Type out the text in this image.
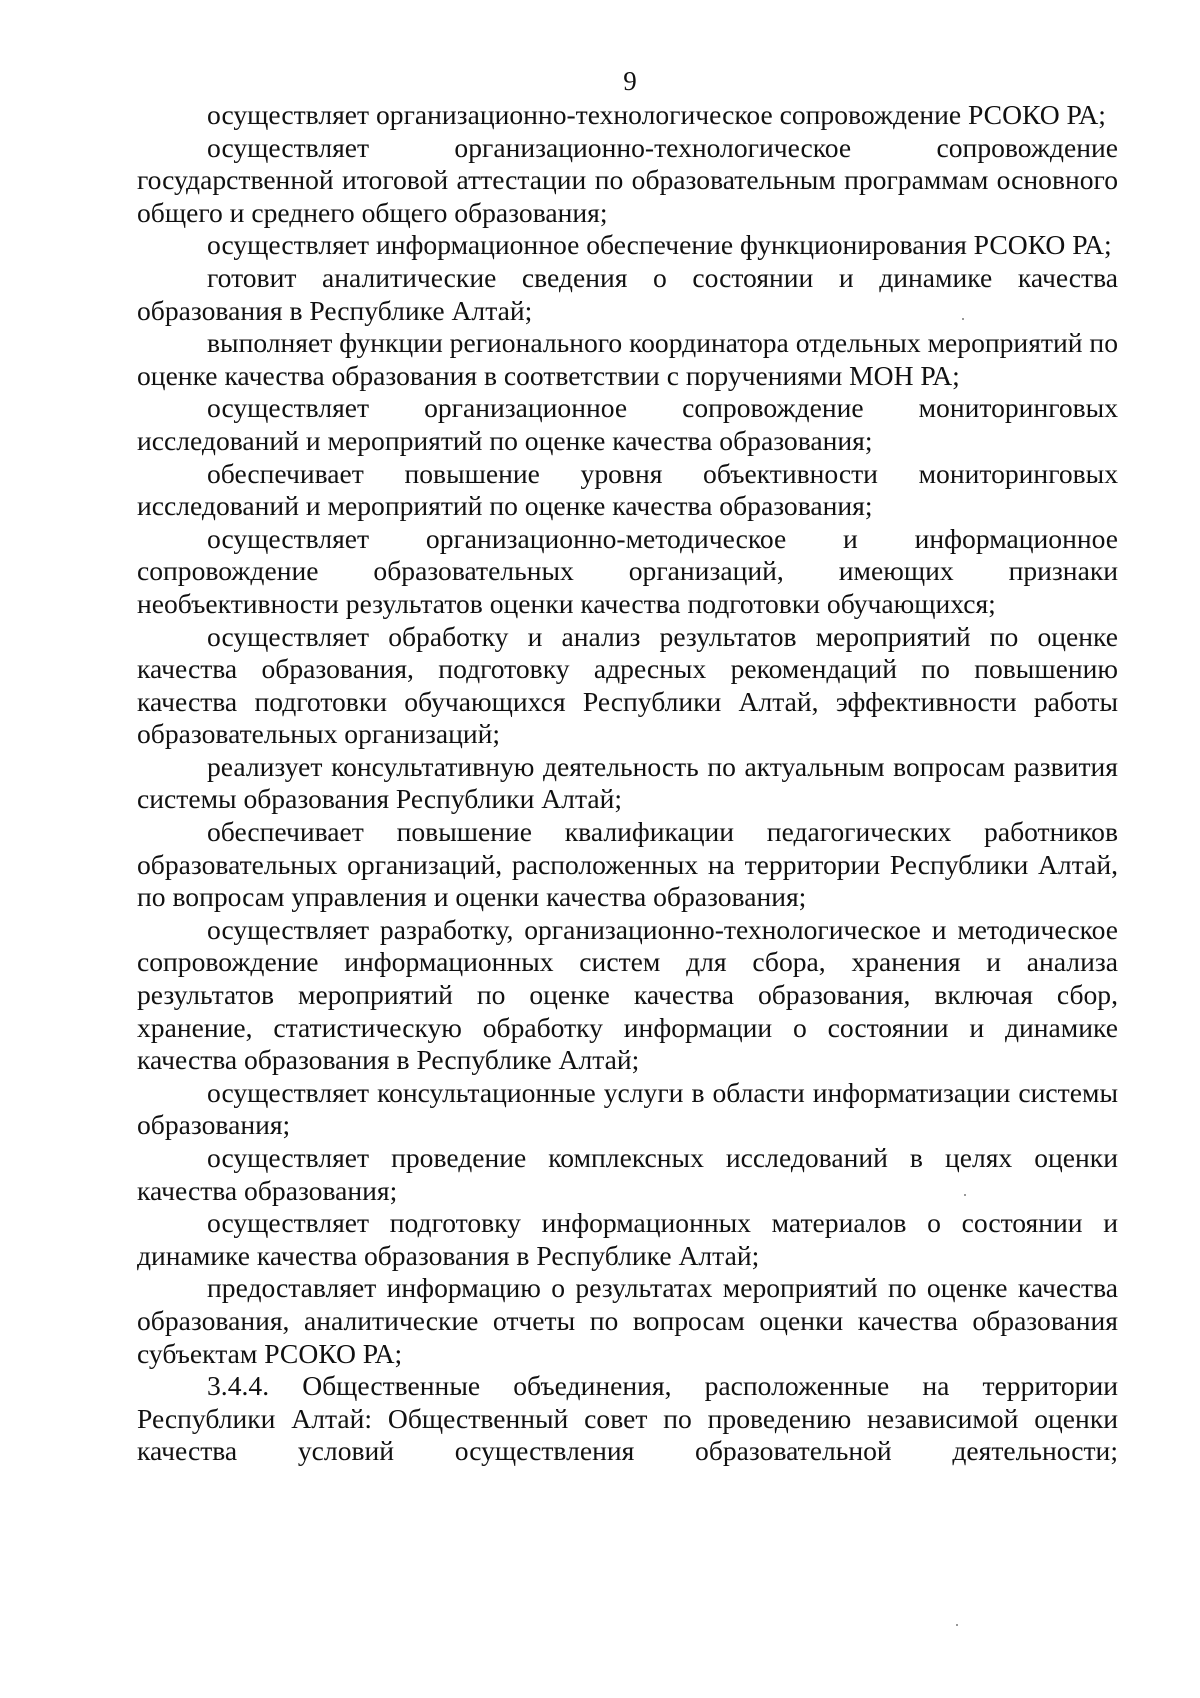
9

осуществляет организационно-технологическое сопровождение РСОКО РА;

осуществляет организационно-технологическое сопровождение государственной итоговой аттестации по образовательным программам основного общего и среднего общего образования;

осуществляет информационное обеспечение функционирования РСОКО РА;

готовит аналитические сведения о состоянии и динамике качества образования в Республике Алтай;

выполняет функции регионального координатора отдельных мероприятий по оценке качества образования в соответствии с поручениями МОН РА;

осуществляет организационное сопровождение мониторинговых исследований и мероприятий по оценке качества образования;

обеспечивает повышение уровня объективности мониторинговых исследований и мероприятий по оценке качества образования;

осуществляет организационно-методическое и информационное сопровождение образовательных организаций, имеющих признаки необъективности результатов оценки качества подготовки обучающихся;

осуществляет обработку и анализ результатов мероприятий по оценке качества образования, подготовку адресных рекомендаций по повышению качества подготовки обучающихся Республики Алтай, эффективности работы образовательных организаций;

реализует консультативную деятельность по актуальным вопросам развития системы образования Республики Алтай;

обеспечивает повышение квалификации педагогических работников образовательных организаций, расположенных на территории Республики Алтай, по вопросам управления и оценки качества образования;

осуществляет разработку, организационно-технологическое и методическое сопровождение информационных систем для сбора, хранения и анализа результатов мероприятий по оценке качества образования, включая сбор, хранение, статистическую обработку информации о состоянии и динамике качества образования в Республике Алтай;

осуществляет консультационные услуги в области информатизации системы образования;

осуществляет проведение комплексных исследований в целях оценки качества образования;

осуществляет подготовку информационных материалов о состоянии и динамике качества образования в Республике Алтай;

предоставляет информацию о результатах мероприятий по оценке качества образования, аналитические отчеты по вопросам оценки качества образования субъектам РСОКО РА;

3.4.4. Общественные объединения, расположенные на территории Республики Алтай: Общественный совет по проведению независимой оценки качества условий осуществления образовательной деятельности;
